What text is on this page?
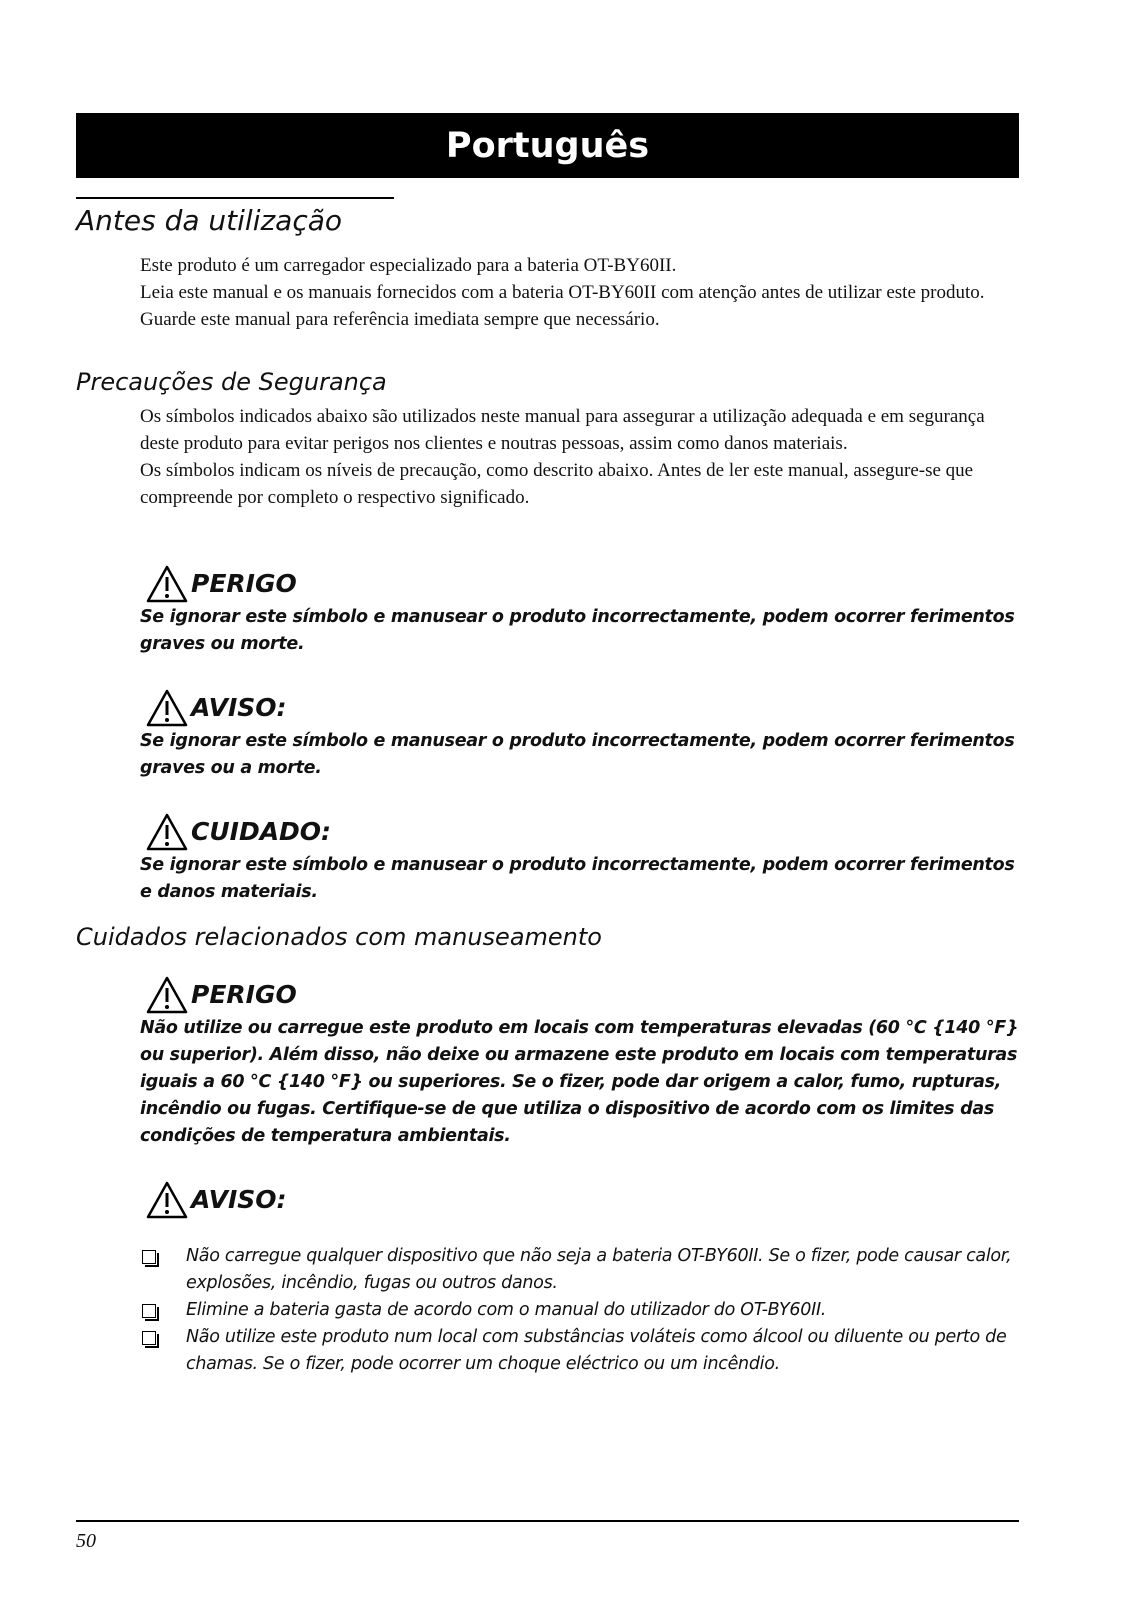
Português
Antes da utilização

Este produto é um carregador especializado para a bateria OT-BY60II.

Leia este manual e os manuais fornecidos com a bateria OT-BY60II com atenção antes de utilizar este produto.

Guarde este manual para referência imediata sempre que necessário.

Precauções de Segurança

Os símbolos indicados abaixo são utilizados neste manual para assegurar a utilização adequada e em segurança deste produto para evitar perigos nos clientes e noutras pessoas, assim como danos materiais.

Os símbolos indicam os níveis de precaução, como descrito abaixo. Antes de ler este manual, assegure-se que compreende por completo o respectivo significado.

PERIGO

Se ignorar este símbolo e manusear o produto incorrectamente, podem ocorrer ferimentos graves ou morte.

AVISO:

Se ignorar este símbolo e manusear o produto incorrectamente, podem ocorrer ferimentos graves ou a morte.

CUIDADO:

Se ignorar este símbolo e manusear o produto incorrectamente, podem ocorrer ferimentos e danos materiais.

Cuidados relacionados com manuseamento
PERIGO

Não utilize ou carregue este produto em locais com temperaturas elevadas (60 °C {140 °F} ou superior). Além disso, não deixe ou armazene este produto em locais com temperaturas iguais a 60 °C {140 °F} ou superiores. Se o fizer, pode dar origem a calor, fumo, rupturas, incêndio ou fugas. Certifique-se de que utiliza o dispositivo de acordo com os limites das condições de temperatura ambientais.

AVISO:
Não carregue qualquer dispositivo que não seja a bateria OT-BY60II. Se o fizer, pode causar calor, explosões, incêndio, fugas ou outros danos.
Elimine a bateria gasta de acordo com o manual do utilizador do OT-BY60II.
Não utilize este produto num local com substâncias voláteis como álcool ou diluente ou perto de chamas. Se o fizer, pode ocorrer um choque eléctrico ou um incêndio.
50
